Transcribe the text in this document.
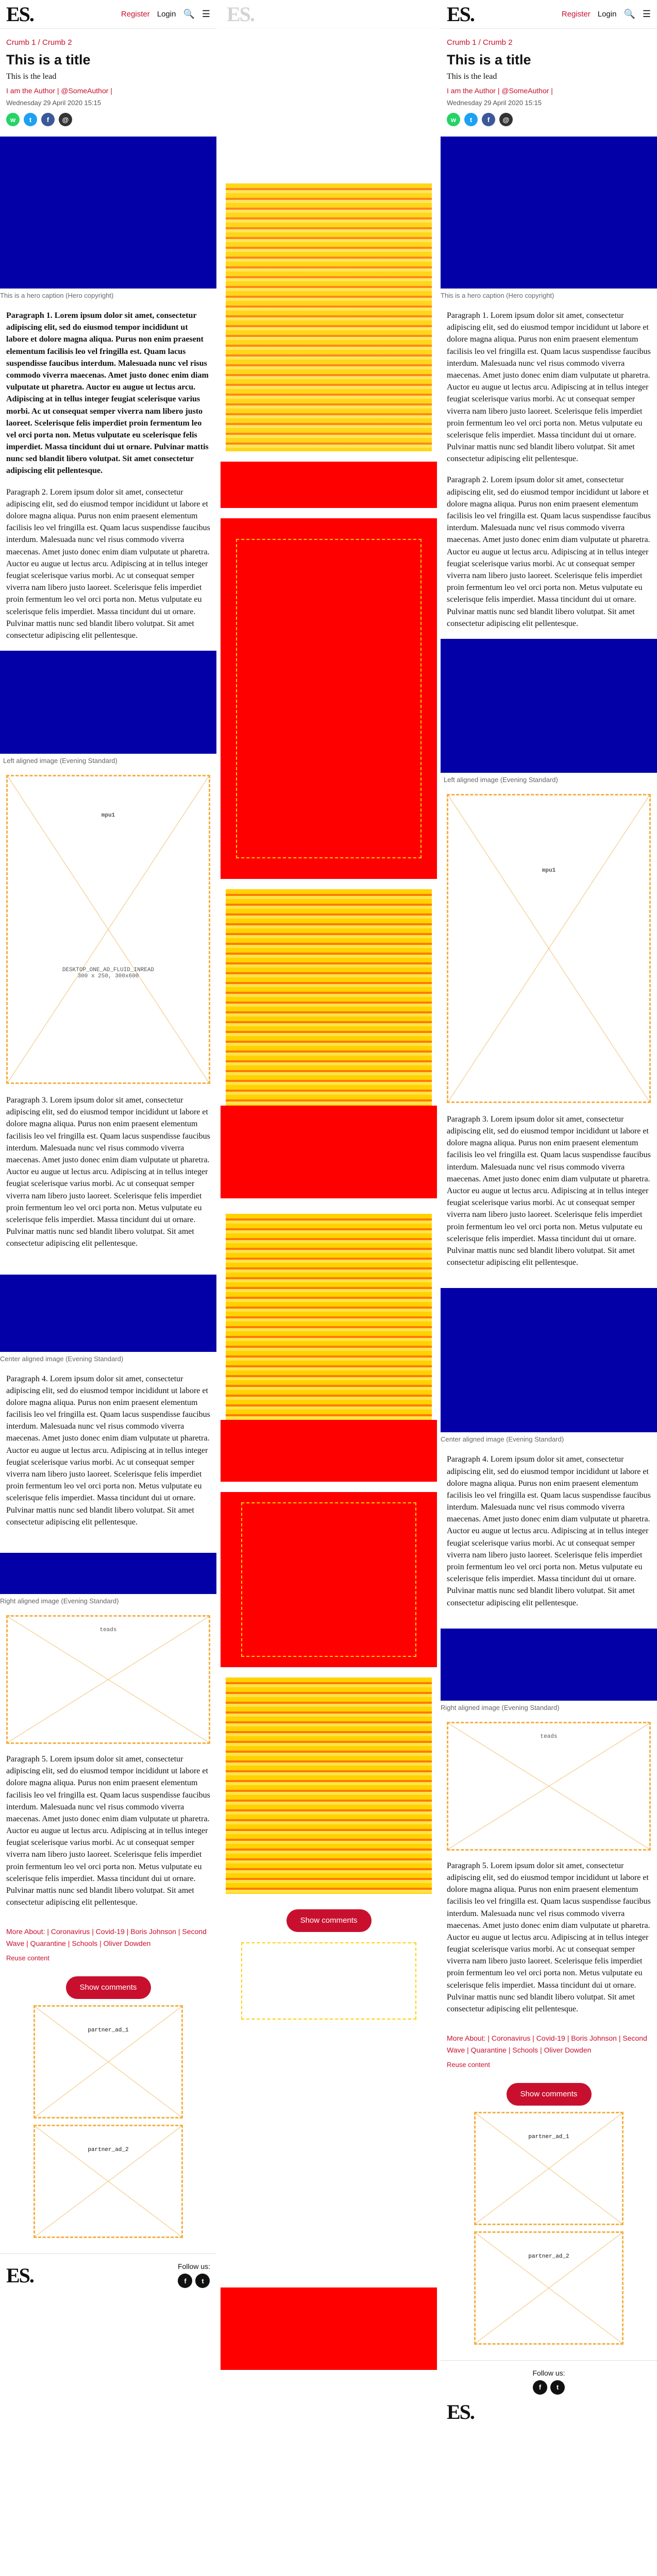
ES.	Register Login 🔍 ☰
Crumb 1 / Crumb 2
This is a title
This is the lead
I am the Author | @SomeAuthor |
Wednesday 29 April 2020 15:15
w	t	f	@
This is a hero caption (Hero copyright)

Paragraph 1. Lorem ipsum dolor sit amet, consectetur adipiscing elit, sed do eiusmod tempor incididunt ut labore et dolore magna aliqua. Purus non enim praesent elementum facilisis leo vel fringilla est. Quam lacus suspendisse faucibus interdum. Malesuada nunc vel risus commodo viverra maecenas. Amet justo donec enim diam vulputate ut pharetra. Auctor eu augue ut lectus arcu. Adipiscing at in tellus integer feugiat scelerisque varius morbi. Ac ut consequat semper viverra nam libero justo laoreet. Scelerisque felis imperdiet proin fermentum leo vel orci porta non. Metus vulputate eu scelerisque felis imperdiet. Massa tincidunt dui ut ornare. Pulvinar mattis nunc sed blandit libero volutpat. Sit amet consectetur adipiscing elit pellentesque.

Paragraph 2. Lorem ipsum dolor sit amet, consectetur adipiscing elit, sed do eiusmod tempor incididunt ut labore et dolore magna aliqua. Purus non enim praesent elementum facilisis leo vel fringilla est. Quam lacus suspendisse faucibus interdum. Malesuada nunc vel risus commodo viverra maecenas. Amet justo donec enim diam vulputate ut pharetra. Auctor eu augue ut lectus arcu. Adipiscing at in tellus integer feugiat scelerisque varius morbi. Ac ut consequat semper viverra nam libero justo laoreet. Scelerisque felis imperdiet proin fermentum leo vel orci porta non. Metus vulputate eu scelerisque felis imperdiet. Massa tincidunt dui ut ornare. Pulvinar mattis nunc sed blandit libero volutpat. Sit amet consectetur adipiscing elit pellentesque.

Left aligned image (Evening Standard)
mpu1
DESKTOP_ONE_AD_FLUID_INREAD
300 x 250, 300x600

Paragraph 3. Lorem ipsum dolor sit amet, consectetur adipiscing elit, sed do eiusmod tempor incididunt ut labore et dolore magna aliqua. Purus non enim praesent elementum facilisis leo vel fringilla est. Quam lacus suspendisse faucibus interdum. Malesuada nunc vel risus commodo viverra maecenas. Amet justo donec enim diam vulputate ut pharetra. Auctor eu augue ut lectus arcu. Adipiscing at in tellus integer feugiat scelerisque varius morbi. Ac ut consequat semper viverra nam libero justo laoreet. Scelerisque felis imperdiet proin fermentum leo vel orci porta non. Metus vulputate eu scelerisque felis imperdiet. Massa tincidunt dui ut ornare. Pulvinar mattis nunc sed blandit libero volutpat. Sit amet consectetur adipiscing elit pellentesque.

Center aligned image (Evening Standard)

Paragraph 4. Lorem ipsum dolor sit amet, consectetur adipiscing elit, sed do eiusmod tempor incididunt ut labore et dolore magna aliqua. Purus non enim praesent elementum facilisis leo vel fringilla est. Quam lacus suspendisse faucibus interdum. Malesuada nunc vel risus commodo viverra maecenas. Amet justo donec enim diam vulputate ut pharetra. Auctor eu augue ut lectus arcu. Adipiscing at in tellus integer feugiat scelerisque varius morbi. Ac ut consequat semper viverra nam libero justo laoreet. Scelerisque felis imperdiet proin fermentum leo vel orci porta non. Metus vulputate eu scelerisque felis imperdiet. Massa tincidunt dui ut ornare. Pulvinar mattis nunc sed blandit libero volutpat. Sit amet consectetur adipiscing elit pellentesque.

Right aligned image (Evening Standard)
teads

Paragraph 5. Lorem ipsum dolor sit amet, consectetur adipiscing elit, sed do eiusmod tempor incididunt ut labore et dolore magna aliqua. Purus non enim praesent elementum facilisis leo vel fringilla est. Quam lacus suspendisse faucibus interdum. Malesuada nunc vel risus commodo viverra maecenas. Amet justo donec enim diam vulputate ut pharetra. Auctor eu augue ut lectus arcu. Adipiscing at in tellus integer feugiat scelerisque varius morbi. Ac ut consequat semper viverra nam libero justo laoreet. Scelerisque felis imperdiet proin fermentum leo vel orci porta non. Metus vulputate eu scelerisque felis imperdiet. Massa tincidunt dui ut ornare. Pulvinar mattis nunc sed blandit libero volutpat. Sit amet consectetur adipiscing elit pellentesque.

More About: | Coronavirus | Covid-19 | Boris Johnson | Second Wave | Quarantine | Schools | Oliver Dowden
Reuse content
Show comments
partner_ad_1
partner_ad_2
ES.	Follow us:
f	t
ES.
Show comments
ES.	Register Login 🔍 ☰
Crumb 1 / Crumb 2
This is a title
This is the lead
I am the Author | @SomeAuthor |
Wednesday 29 April 2020 15:15
w	t	f	@
This is a hero caption (Hero copyright)

Paragraph 1. Lorem ipsum dolor sit amet, consectetur adipiscing elit, sed do eiusmod tempor incididunt ut labore et dolore magna aliqua. Purus non enim praesent elementum facilisis leo vel fringilla est. Quam lacus suspendisse faucibus interdum. Malesuada nunc vel risus commodo viverra maecenas. Amet justo donec enim diam vulputate ut pharetra. Auctor eu augue ut lectus arcu. Adipiscing at in tellus integer feugiat scelerisque varius morbi. Ac ut consequat semper viverra nam libero justo laoreet. Scelerisque felis imperdiet proin fermentum leo vel orci porta non. Metus vulputate eu scelerisque felis imperdiet. Massa tincidunt dui ut ornare. Pulvinar mattis nunc sed blandit libero volutpat. Sit amet consectetur adipiscing elit pellentesque.

Paragraph 2. Lorem ipsum dolor sit amet, consectetur adipiscing elit, sed do eiusmod tempor incididunt ut labore et dolore magna aliqua. Purus non enim praesent elementum facilisis leo vel fringilla est. Quam lacus suspendisse faucibus interdum. Malesuada nunc vel risus commodo viverra maecenas. Amet justo donec enim diam vulputate ut pharetra. Auctor eu augue ut lectus arcu. Adipiscing at in tellus integer feugiat scelerisque varius morbi. Ac ut consequat semper viverra nam libero justo laoreet. Scelerisque felis imperdiet proin fermentum leo vel orci porta non. Metus vulputate eu scelerisque felis imperdiet. Massa tincidunt dui ut ornare. Pulvinar mattis nunc sed blandit libero volutpat. Sit amet consectetur adipiscing elit pellentesque.

Left aligned image (Evening Standard)
mpu1

Paragraph 3. Lorem ipsum dolor sit amet, consectetur adipiscing elit, sed do eiusmod tempor incididunt ut labore et dolore magna aliqua. Purus non enim praesent elementum facilisis leo vel fringilla est. Quam lacus suspendisse faucibus interdum. Malesuada nunc vel risus commodo viverra maecenas. Amet justo donec enim diam vulputate ut pharetra. Auctor eu augue ut lectus arcu. Adipiscing at in tellus integer feugiat scelerisque varius morbi. Ac ut consequat semper viverra nam libero justo laoreet. Scelerisque felis imperdiet proin fermentum leo vel orci porta non. Metus vulputate eu scelerisque felis imperdiet. Massa tincidunt dui ut ornare. Pulvinar mattis nunc sed blandit libero volutpat. Sit amet consectetur adipiscing elit pellentesque.

Center aligned image (Evening Standard)

Paragraph 4. Lorem ipsum dolor sit amet, consectetur adipiscing elit, sed do eiusmod tempor incididunt ut labore et dolore magna aliqua. Purus non enim praesent elementum facilisis leo vel fringilla est. Quam lacus suspendisse faucibus interdum. Malesuada nunc vel risus commodo viverra maecenas. Amet justo donec enim diam vulputate ut pharetra. Auctor eu augue ut lectus arcu. Adipiscing at in tellus integer feugiat scelerisque varius morbi. Ac ut consequat semper viverra nam libero justo laoreet. Scelerisque felis imperdiet proin fermentum leo vel orci porta non. Metus vulputate eu scelerisque felis imperdiet. Massa tincidunt dui ut ornare. Pulvinar mattis nunc sed blandit libero volutpat. Sit amet consectetur adipiscing elit pellentesque.

Right aligned image (Evening Standard)
teads

Paragraph 5. Lorem ipsum dolor sit amet, consectetur adipiscing elit, sed do eiusmod tempor incididunt ut labore et dolore magna aliqua. Purus non enim praesent elementum facilisis leo vel fringilla est. Quam lacus suspendisse faucibus interdum. Malesuada nunc vel risus commodo viverra maecenas. Amet justo donec enim diam vulputate ut pharetra. Auctor eu augue ut lectus arcu. Adipiscing at in tellus integer feugiat scelerisque varius morbi. Ac ut consequat semper viverra nam libero justo laoreet. Scelerisque felis imperdiet proin fermentum leo vel orci porta non. Metus vulputate eu scelerisque felis imperdiet. Massa tincidunt dui ut ornare. Pulvinar mattis nunc sed blandit libero volutpat. Sit amet consectetur adipiscing elit pellentesque.

More About: | Coronavirus | Covid-19 | Boris Johnson | Second Wave | Quarantine | Schools | Oliver Dowden
Reuse content
Show comments
partner_ad_1
partner_ad_2
Follow us:
f	t
ES.
